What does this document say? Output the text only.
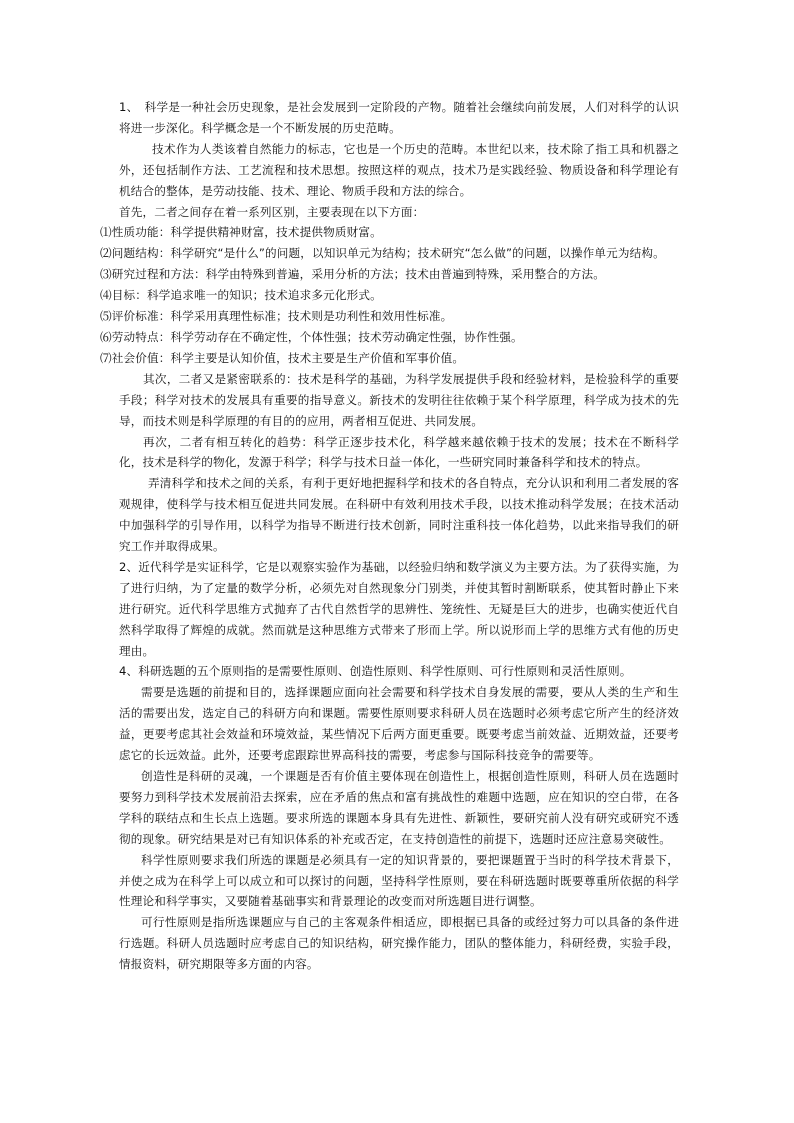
1、　科学是一种社会历史现象，是社会发展到一定阶段的产物。随着社会继续向前发展，人们对科学的认识将进一步深化。科学概念是一个不断发展的历史范畴。

技术作为人类该着自然能力的标志，它也是一个历史的范畴。本世纪以来，技术除了指工具和机器之外，还包括制作方法、工艺流程和技术思想。按照这样的观点，技术乃是实践经验、物质设备和科学理论有机结合的整体，是劳动技能、技术、理论、物质手段和方法的综合。

首先，二者之间存在着一系列区别，主要表现在以下方面：

⑴性质功能：科学提供精神财富，技术提供物质财富。

⑵问题结构：科学研究“是什么”的问题，以知识单元为结构；技术研究“怎么做”的问题，以操作单元为结构。

⑶研究过程和方法：科学由特殊到普遍，采用分析的方法；技术由普遍到特殊，采用整合的方法。

⑷目标：科学追求唯一的知识；技术追求多元化形式。

⑸评价标准：科学采用真理性标准；技术则是功利性和效用性标准。

⑹劳动特点：科学劳动存在不确定性，个体性强；技术劳动确定性强，协作性强。

⑺社会价值：科学主要是认知价值，技术主要是生产价值和军事价值。

其次，二者又是紧密联系的：技术是科学的基础，为科学发展提供手段和经验材料，是检验科学的重要手段；科学对技术的发展具有重要的指导意义。新技术的发明往往依赖于某个科学原理，科学成为技术的先导，而技术则是科学原理的有目的的应用，两者相互促进、共同发展。

再次，二者有相互转化的趋势：科学正逐步技术化，科学越来越依赖于技术的发展；技术在不断科学化，技术是科学的物化，发源于科学；科学与技术日益一体化，一些研究同时兼备科学和技术的特点。

弄清科学和技术之间的关系，有利于更好地把握科学和技术的各自特点，充分认识和利用二者发展的客观规律，使科学与技术相互促进共同发展。在科研中有效利用技术手段，以技术推动科学发展；在技术活动中加强科学的引导作用，以科学为指导不断进行技术创新，同时注重科技一体化趋势，以此来指导我们的研究工作并取得成果。

2、近代科学是实证科学，它是以观察实验作为基础，以经验归纳和数学演义为主要方法。为了获得实施，为了进行归纳，为了定量的数学分析，必须先对自然现象分门别类，并使其暂时割断联系，使其暂时静止下来进行研究。近代科学思维方式抛弃了古代自然哲学的思辨性、笼统性、无疑是巨大的进步，也确实使近代自然科学取得了辉煌的成就。然而就是这种思维方式带来了形而上学。所以说形而上学的思维方式有他的历史理由。

4、科研选题的五个原则指的是需要性原则、创造性原则、科学性原则、可行性原则和灵活性原则。

需要是选题的前提和目的，选择课题应面向社会需要和科学技术自身发展的需要，要从人类的生产和生活的需要出发，选定自己的科研方向和课题。需要性原则要求科研人员在选题时必须考虑它所产生的经济效益，更要考虑其社会效益和环境效益，某些情况下后两方面更重要。既要考虑当前效益、近期效益，还要考虑它的长远效益。此外，还要考虑跟踪世界高科技的需要，考虑参与国际科技竞争的需要等。

创造性是科研的灵魂，一个课题是否有价值主要体现在创造性上，根据创造性原则，科研人员在选题时要努力到科学技术发展前沿去探索，应在矛盾的焦点和富有挑战性的难题中选题，应在知识的空白带，在各学科的联结点和生长点上选题。要求所选的课题本身具有先进性、新颖性，要研究前人没有研究或研究不透彻的现象。研究结果是对已有知识体系的补充或否定，在支持创造性的前提下，选题时还应注意易突破性。

科学性原则要求我们所选的课题是必须具有一定的知识背景的，要把课题置于当时的科学技术背景下，并使之成为在科学上可以成立和可以探讨的问题，坚持科学性原则，要在科研选题时既要尊重所依据的科学性理论和科学事实，又要随着基础事实和背景理论的改变而对所选题目进行调整。

可行性原则是指所选课题应与自己的主客观条件相适应，即根据已具备的或经过努力可以具备的条件进行选题。科研人员选题时应考虑自己的知识结构，研究操作能力，团队的整体能力，科研经费，实验手段，情报资料，研究期限等多方面的内容。
